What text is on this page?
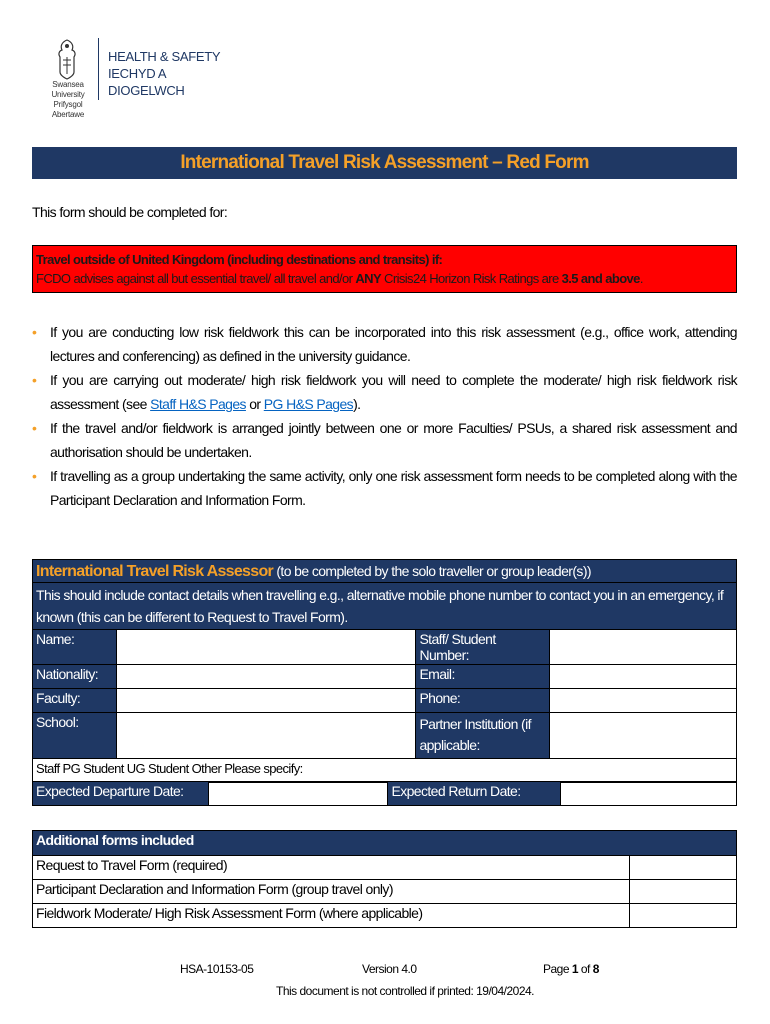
Swansea University
Prifysgol Abertawe
HEALTH & SAFETY
IECHYD A DIOGELWCH
International Travel Risk Assessment – Red Form
This form should be completed for:
Travel outside of United Kingdom (including destinations and transits) if:
FCDO advises against all but essential travel/ all travel and/or ANY Crisis24 Horizon Risk Ratings are 3.5 and above.
• If you are conducting low risk fieldwork this can be incorporated into this risk assessment (e.g., office work, attending lectures and conferencing) as defined in the university guidance.
• If you are carrying out moderate/ high risk fieldwork you will need to complete the moderate/ high risk fieldwork risk assessment (see Staff H&S Pages or PG H&S Pages).
• If the travel and/or fieldwork is arranged jointly between one or more Faculties/ PSUs, a shared risk assessment and authorisation should be undertaken.
• If travelling as a group undertaking the same activity, only one risk assessment form needs to be completed along with the Participant Declaration and Information Form.
International Travel Risk Assessor (to be completed by the solo traveller or group leader(s))			
This should include contact details when travelling e.g., alternative mobile phone number to contact you in an emergency, if known (this can be different to Request to Travel Form).			
Name:		Staff/ Student Number:	
Nationality:		Email:	
Faculty:		Phone:	
School:		Partner Institution (if applicable:	
Staff PG Student UG Student Other Please specify:			
Expected Departure Date:		Expected Return Date:	
Additional forms included	
Request to Travel Form (required)	
Participant Declaration and Information Form (group travel only)	
Fieldwork Moderate/ High Risk Assessment Form (where applicable)	
HSA-10153-05	Version 4.0	Page 1 of 8
This document is not controlled if printed: 19/04/2024.
